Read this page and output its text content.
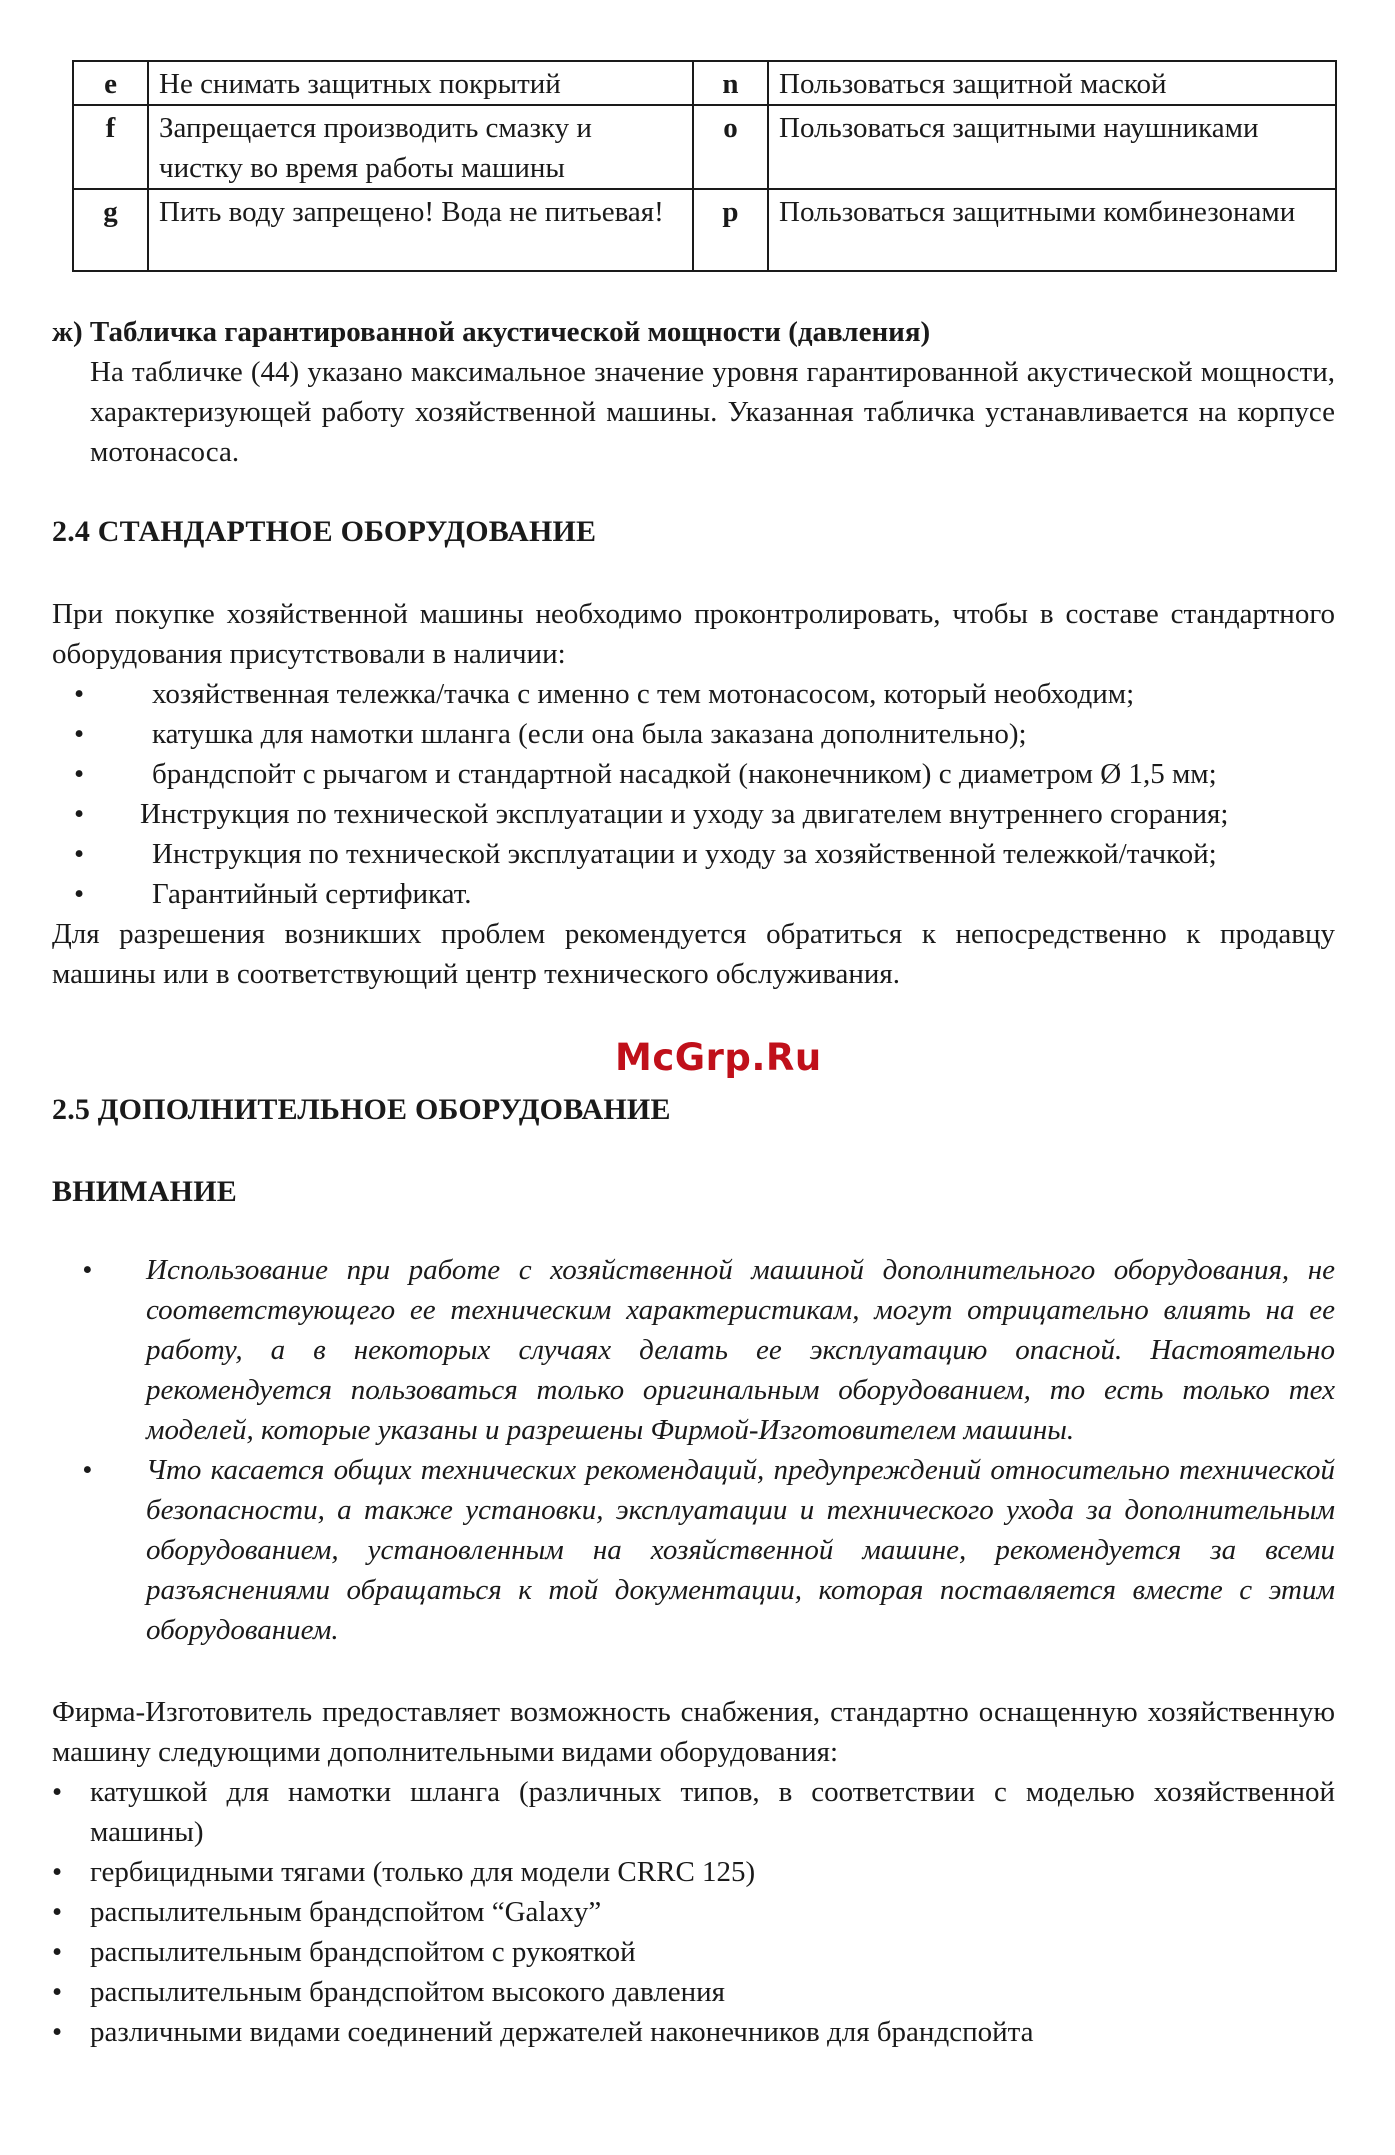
e	Не снимать защитных покрытий	n	Пользоваться защитной маской
f	Запрещается производить смазку и чистку во время работы машины	o	Пользоваться защитными наушниками
g	Пить воду запрещено! Вода не питьевая!	p	Пользоваться защитными комбинезонами

ж) Табличка гарантированной акустической мощности (давления)

На табличке (44) указано максимальное значение уровня гарантированной акустической мощности, характеризующей работу хозяйственной машины. Указанная табличка устанавливается на корпусе мотонасоса.

2.4 СТАНДАРТНОЕ ОБОРУДОВАНИЕ

При покупке хозяйственной машины необходимо проконтролировать, чтобы в составе стандартного оборудования присутствовали в наличии:

•	хозяйственная тележка/тачка с именно с тем мотонасосом, который необходим;
•	катушка для намотки шланга (если она была заказана дополнительно);
•	брандспойт с рычагом и стандартной насадкой (наконечником) с диаметром Ø 1,5 мм;
• Инструкция по технической эксплуатации и уходу за двигателем внутреннего сгорания;
•	Инструкция по технической эксплуатации и уходу за хозяйственной тележкой/тачкой;
•	Гарантийный сертификат.

Для разрешения возникших проблем рекомендуется обратиться к непосредственно к продавцу машины или в соответствующий центр технического обслуживания.

McGrp.Ru

2.5 ДОПОЛНИТЕЛЬНОЕ ОБОРУДОВАНИЕ

ВНИМАНИЕ

• Использование при работе с хозяйственной машиной дополнительного оборудования, не соответствующего ее техническим характеристикам, могут отрицательно влиять на ее работу, а в некоторых случаях делать ее эксплуатацию опасной. Настоятельно рекомендуется пользоваться только оригинальным оборудованием, то есть только тех моделей, которые указаны и разрешены Фирмой-Изготовителем машины.

• Что касается общих технических рекомендаций, предупреждений относительно технической безопасности, а также установки, эксплуатации и технического ухода за дополнительным оборудованием, установленным на хозяйственной машине, рекомендуется за всеми разъяснениями обращаться к той документации, которая поставляется вместе с этим оборудованием.

Фирма-Изготовитель предоставляет возможность снабжения, стандартно оснащенную хозяйственную машину следующими дополнительными видами оборудования:

• катушкой для намотки шланга (различных типов, в соответствии с моделью хозяйственной машины)

• гербицидными тягами (только для модели CRRC 125)

• распылительным брандспойтом “Galaxy”

• распылительным брандспойтом с рукояткой

• распылительным брандспойтом высокого давления

• различными видами соединений держателей наконечников для брандспойта
